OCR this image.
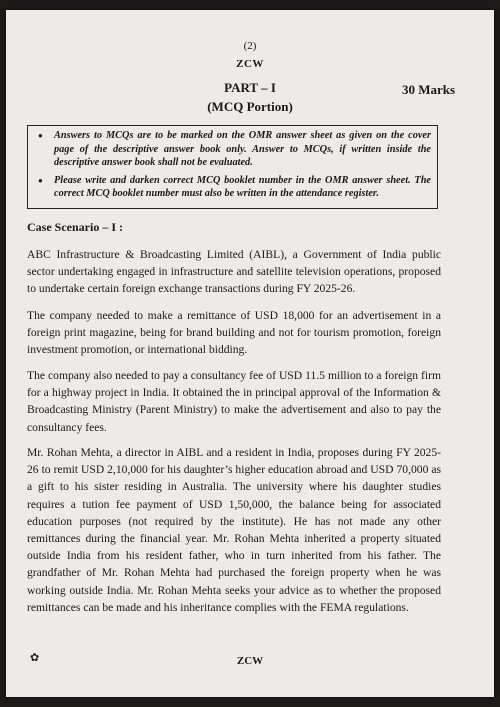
(2)
ZCW
PART – I
(MCQ Portion)
30 Marks
● Answers to MCQs are to be marked on the OMR answer sheet as given on the cover page of the descriptive answer book only. Answer to MCQs, if written inside the descriptive answer book shall not be evaluated.
● Please write and darken correct MCQ booklet number in the OMR answer sheet. The correct MCQ booklet number must also be written in the attendance register.
Case Scenario – I :

ABC Infrastructure & Broadcasting Limited (AIBL), a Government of India public sector undertaking engaged in infrastructure and satellite television operations, proposed to undertake certain foreign exchange transactions during FY 2025-26.

The company needed to make a remittance of USD 18,000 for an advertisement in a foreign print magazine, being for brand building and not for tourism promotion, foreign investment promotion, or international bidding.

The company also needed to pay a consultancy fee of USD 11.5 million to a foreign firm for a highway project in India. It obtained the in principal approval of the Information & Broadcasting Ministry (Parent Ministry) to make the advertisement and also to pay the consultancy fees.

Mr. Rohan Mehta, a director in AIBL and a resident in India, proposes during FY 2025-26 to remit USD 2,10,000 for his daughter’s higher education abroad and USD 70,000 as a gift to his sister residing in Australia. The university where his daughter studies requires a tution fee payment of USD 1,50,000, the balance being for associated education purposes (not required by the institute). He has not made any other remittances during the financial year. Mr. Rohan Mehta inherited a property situated outside India from his resident father, who in turn inherited from his father. The grandfather of Mr. Rohan Mehta had purchased the foreign property when he was working outside India. Mr. Rohan Mehta seeks your advice as to whether the proposed remittances can be made and his inheritance complies with the FEMA regulations.

✿	ZCW
